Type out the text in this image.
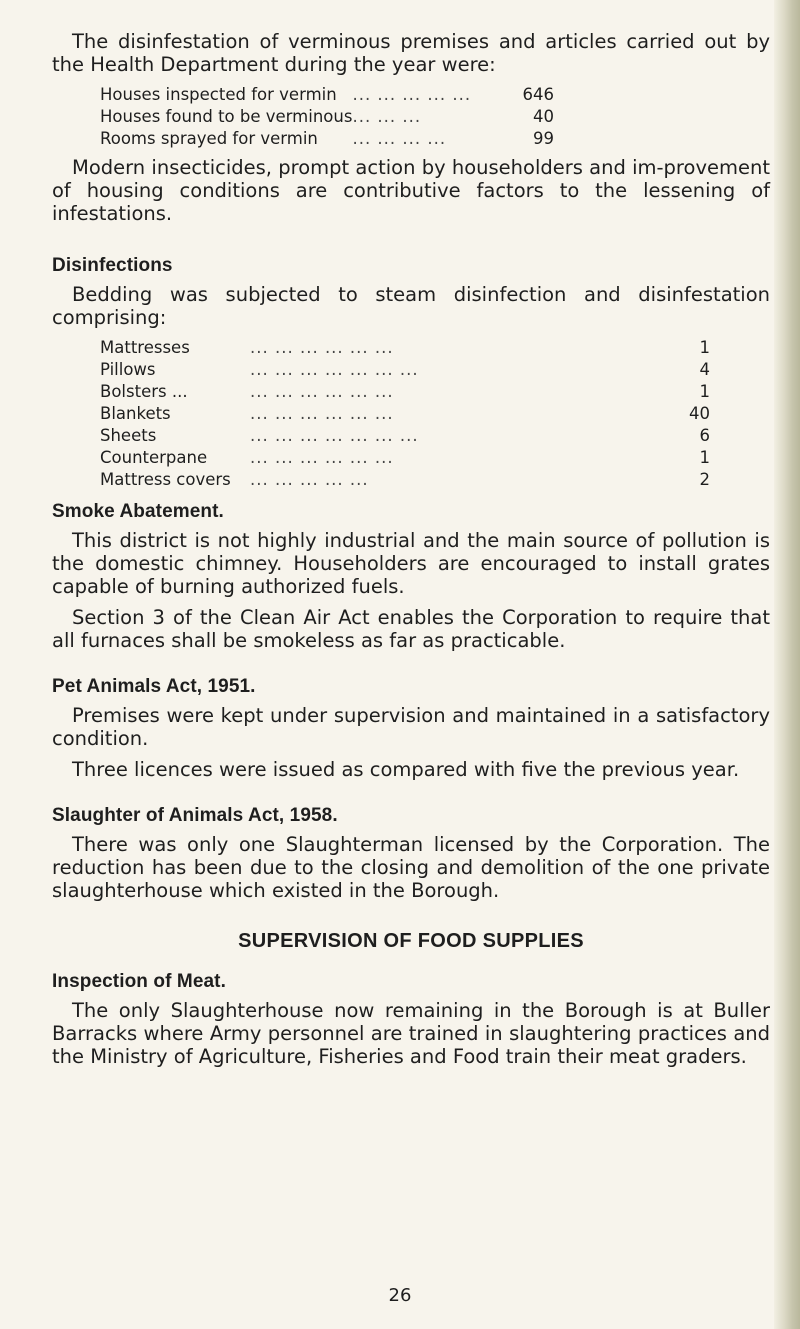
The disinfestation of verminous premises and articles carried out by the Health Department during the year were:

Houses inspected for vermin	... ... ... ... ...	646
Houses found to be verminous	... ... ...	40
Rooms sprayed for vermin	... ... ... ...	99

Modern insecticides, prompt action by householders and im-provement of housing conditions are contributive factors to the lessening of infestations.

Disinfections

Bedding was subjected to steam disinfection and disinfestation comprising:

Mattresses	... ... ... ... ... ...	1
Pillows	... ... ... ... ... ... ...	4
Bolsters ...	... ... ... ... ... ...	1
Blankets	... ... ... ... ... ...	40
Sheets	... ... ... ... ... ... ...	6
Counterpane	... ... ... ... ... ...	1
Mattress covers	... ... ... ... ...	2
Smoke Abatement.

This district is not highly industrial and the main source of pollution is the domestic chimney. Householders are encouraged to install grates capable of burning authorized fuels.

Section 3 of the Clean Air Act enables the Corporation to require that all furnaces shall be smokeless as far as practicable.

Pet Animals Act, 1951.

Premises were kept under supervision and maintained in a satisfactory condition.

Three licences were issued as compared with five the previous year.

Slaughter of Animals Act, 1958.

There was only one Slaughterman licensed by the Corporation. The reduction has been due to the closing and demolition of the one private slaughterhouse which existed in the Borough.

SUPERVISION OF FOOD SUPPLIES
Inspection of Meat.

The only Slaughterhouse now remaining in the Borough is at Buller Barracks where Army personnel are trained in slaughtering practices and the Ministry of Agriculture, Fisheries and Food train their meat graders.

26
